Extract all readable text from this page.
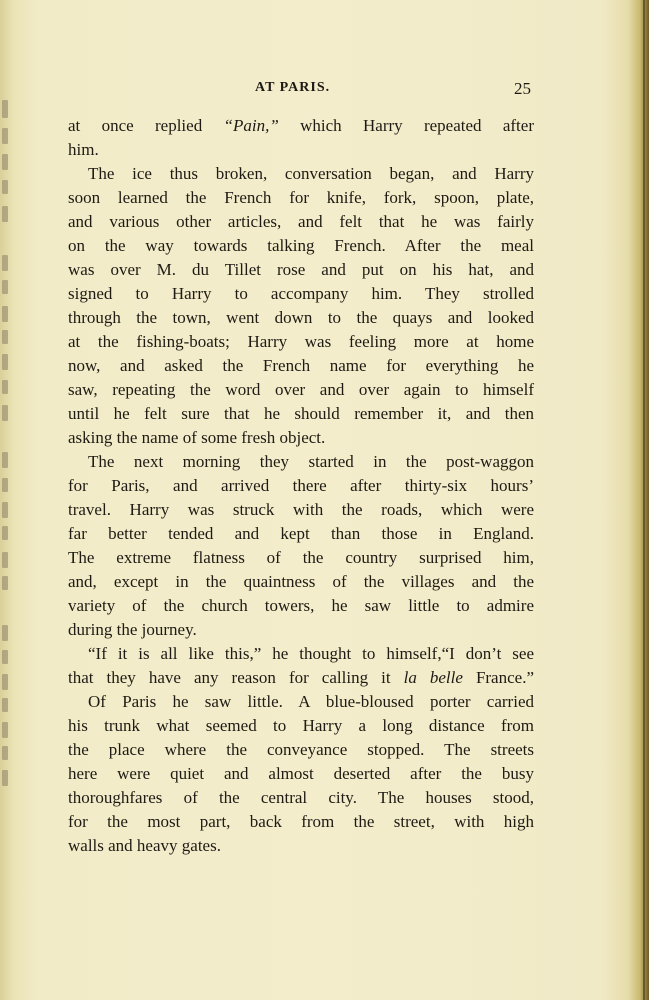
AT PARIS.	25
at once replied “Pain,” which Harry repeated after
him.
The ice thus broken, conversation began, and Harry
soon learned the French for knife, fork, spoon, plate,
and various other articles, and felt that he was fairly
on the way towards talking French. After the meal
was over M. du Tillet rose and put on his hat, and
signed to Harry to accompany him. They strolled
through the town, went down to the quays and looked
at the fishing-boats; Harry was feeling more at home
now, and asked the French name for everything he
saw, repeating the word over and over again to himself
until he felt sure that he should remember it, and then
asking the name of some fresh object.
The next morning they started in the post-waggon
for Paris, and arrived there after thirty-six hours’
travel. Harry was struck with the roads, which were
far better tended and kept than those in England.
The extreme flatness of the country surprised him,
and, except in the quaintness of the villages and the
variety of the church towers, he saw little to admire
during the journey.
“If it is all like this,” he thought to himself,“I don’t see
that they have any reason for calling it la belle France.”
Of Paris he saw little. A blue-bloused porter carried
his trunk what seemed to Harry a long distance from
the place where the conveyance stopped. The streets
here were quiet and almost deserted after the busy
thoroughfares of the central city. The houses stood,
for the most part, back from the street, with high
walls and heavy gates.
